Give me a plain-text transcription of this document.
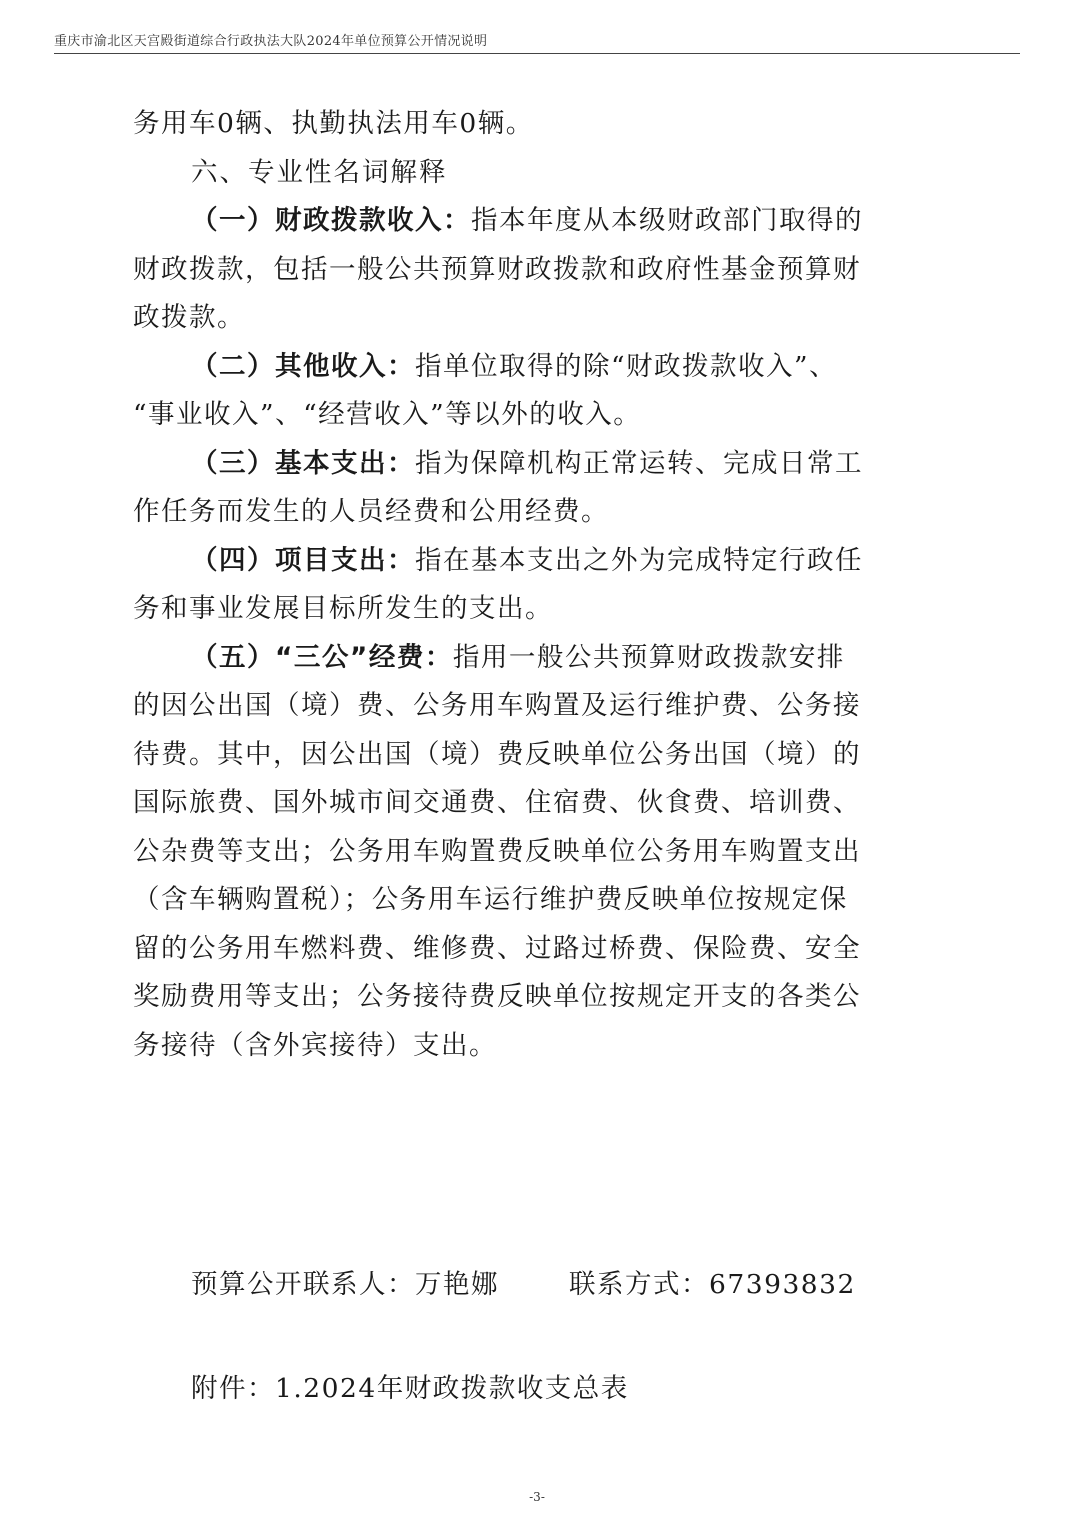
重庆市渝北区天宫殿街道综合行政执法大队2024年单位预算公开情况说明
务用车0辆、执勤执法用车0辆。
六、专业性名词解释
（一）财政拨款收入：指本年度从本级财政部门取得的
财政拨款，包括一般公共预算财政拨款和政府性基金预算财
政拨款。
（二）其他收入：指单位取得的除“财政拨款收入”、
“事业收入”、“经营收入”等以外的收入。
（三）基本支出：指为保障机构正常运转、完成日常工
作任务而发生的人员经费和公用经费。
（四）项目支出：指在基本支出之外为完成特定行政任
务和事业发展目标所发生的支出。
（五）“三公”经费：指用一般公共预算财政拨款安排
的因公出国（境）费、公务用车购置及运行维护费、公务接
待费。其中，因公出国（境）费反映单位公务出国（境）的
国际旅费、国外城市间交通费、住宿费、伙食费、培训费、
公杂费等支出；公务用车购置费反映单位公务用车购置支出
（含车辆购置税）；公务用车运行维护费反映单位按规定保
留的公务用车燃料费、维修费、过路过桥费、保险费、安全
奖励费用等支出；公务接待费反映单位按规定开支的各类公
务接待（含外宾接待）支出。
预算公开联系人：万艳娜	联系方式：67393832
附件：1.2024年财政拨款收支总表
-3-
